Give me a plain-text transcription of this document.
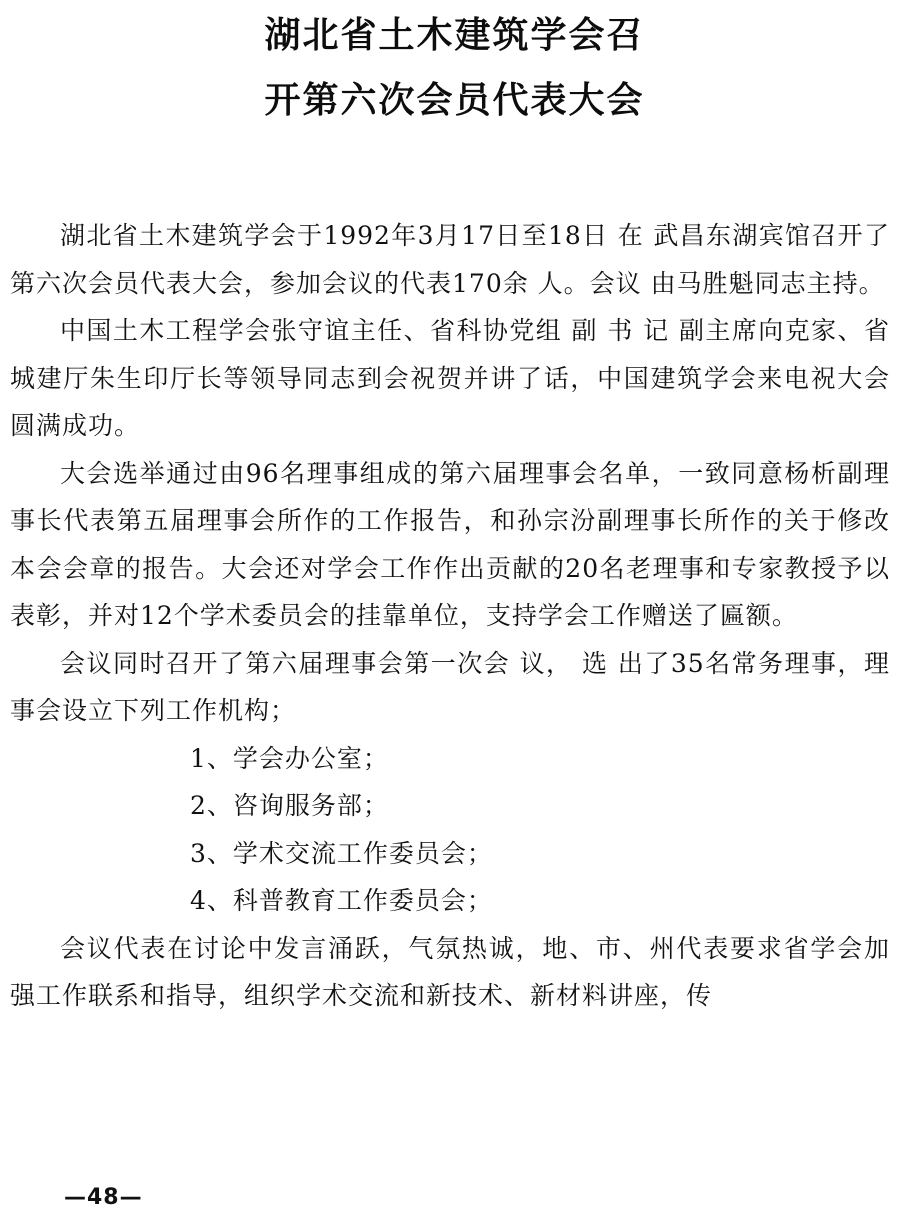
湖北省土木建筑学会召
开第六次会员代表大会

湖北省土木建筑学会于1992年3月17日至18日 在 武昌东湖宾馆召开了第六次会员代表大会，参加会议的代表170余 人。会议 由马胜魁同志主持。

中国土木工程学会张守谊主任、省科协党组 副 书 记 副主席向克家、省城建厅朱生印厅长等领导同志到会祝贺并讲了话，中国建筑学会来电祝大会圆满成功。

大会选举通过由96名理事组成的第六届理事会名单，一致同意杨析副理事长代表第五届理事会所作的工作报告，和孙宗汾副理事长所作的关于修改本会会章的报告。大会还对学会工作作出贡献的20名老理事和专家教授予以表彰，并对12个学术委员会的挂靠单位，支持学会工作赠送了匾额。

会议同时召开了第六届理事会第一次会 议， 选 出了35名常务理事，理事会设立下列工作机构；

1、学会办公室；
2、咨询服务部；
3、学术交流工作委员会；
4、科普教育工作委员会；

会议代表在讨论中发言涌跃，气氛热诚，地、市、州代表要求省学会加强工作联系和指导，组织学术交流和新技术、新材料讲座，传

—48—
